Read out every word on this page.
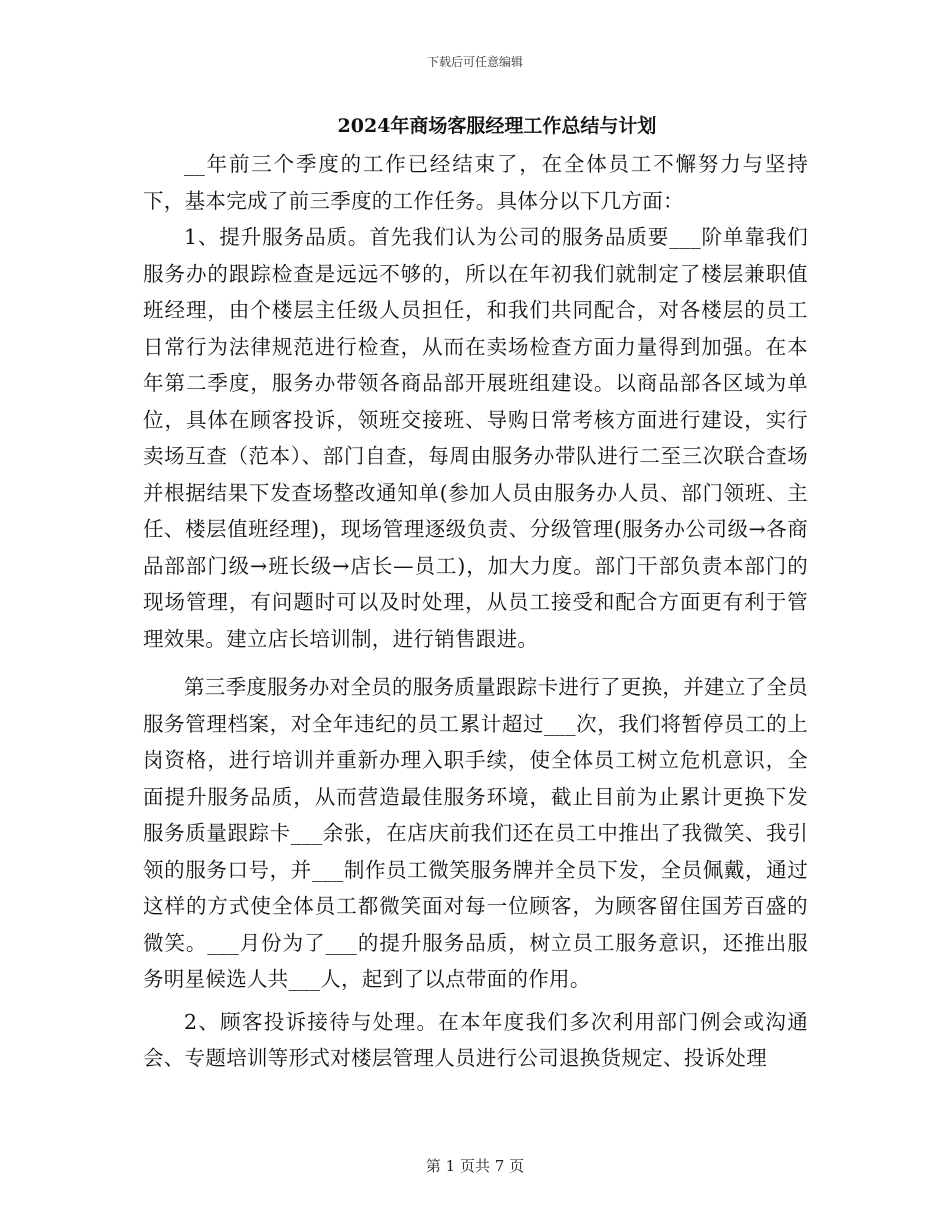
下载后可任意编辑
2024年商场客服经理工作总结与计划

__年前三个季度的工作已经结束了，在全体员工不懈努力与坚持下，基本完成了前三季度的工作任务。具体分以下几方面：

1、提升服务品质。首先我们认为公司的服务品质要___阶单靠我们服务办的跟踪检查是远远不够的，所以在年初我们就制定了楼层兼职值班经理，由个楼层主任级人员担任，和我们共同配合，对各楼层的员工日常行为法律规范进行检查，从而在卖场检查方面力量得到加强。在本年第二季度，服务办带领各商品部开展班组建设。以商品部各区域为单位，具体在顾客投诉，领班交接班、导购日常考核方面进行建设，实行卖场互查（范本）、部门自查，每周由服务办带队进行二至三次联合查场并根据结果下发查场整改通知单(参加人员由服务办人员、部门领班、主任、楼层值班经理)，现场管理逐级负责、分级管理(服务办公司级→各商品部部门级→班长级→店长—员工)，加大力度。部门干部负责本部门的现场管理，有问题时可以及时处理，从员工接受和配合方面更有利于管理效果。建立店长培训制，进行销售跟进。

第三季度服务办对全员的服务质量跟踪卡进行了更换，并建立了全员服务管理档案，对全年违纪的员工累计超过___次，我们将暂停员工的上岗资格，进行培训并重新办理入职手续，使全体员工树立危机意识，全面提升服务品质，从而营造最佳服务环境，截止目前为止累计更换下发服务质量跟踪卡___余张，在店庆前我们还在员工中推出了我微笑、我引领的服务口号，并___制作员工微笑服务牌并全员下发，全员佩戴，通过这样的方式使全体员工都微笑面对每一位顾客，为顾客留住国芳百盛的微笑。___月份为了___的提升服务品质，树立员工服务意识，还推出服务明星候选人共___人，起到了以点带面的作用。

2、顾客投诉接待与处理。在本年度我们多次利用部门例会或沟通会、专题培训等形式对楼层管理人员进行公司退换货规定、投诉处理

第 1 页共 7 页
